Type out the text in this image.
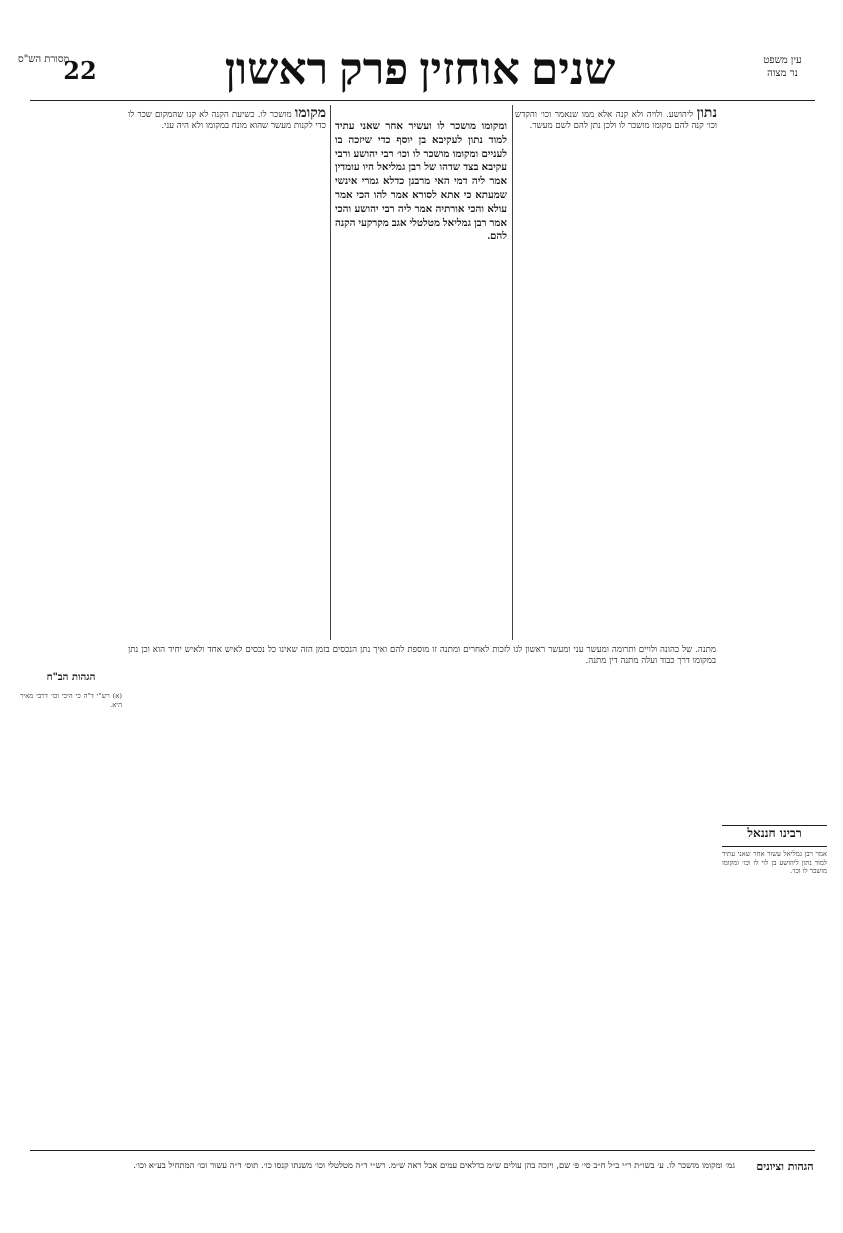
מסורת הש"ס	שנים אוחזין פרק ראשון
22	עין משפט
נר מצוה
רבינו חננאל
אמר רבן גמליאל עשור אחר שאני עתיד למוד נתון ליהושע בן לוי לו וכו׳ ומקומו מושכר לו וכו׳.

נתון ליהושע. ולויה ולא קנה אלא ממו שנאמר וכו׳ והקדש וכו׳ קנה להם מקומו מושכר לו ולכן נתן להם לשם מעשר.

ומקומו מושכר לו ועשיר אחר שאני עתיד למוד נתון לעקיבא בן יוסף כדי שיזכה בו לעניים ומקומו מושכר לו וכו׳ רבי יהושע ורבי עקיבא בצד שדהו של רבן גמליאל היו עומדין אמר ליה דמי האי מרבנן כדלא גמרי אינשי שמעתא כי אתא לסורא אמר להו הכי אמר עולא והכי אורתיה אמר ליה רבי יהושע והכי אמר רבן גמליאל מטלטלי אגב מקרקעי הקנה להם.

מקומו מושכר לו. כשיעת הקנה לא קנו שהמקום שכר לו כדי לקנות מעשר שהוא מונח במקומו ולא היה עני.

הגהות הב"ח
(א) רש"י ד"ה כי היכי וכו׳ דרבי מאיר היא.
מתנה. של כהונה ולויים ותרומה ומעשר עני ומעשר ראשון לנו לזכות לאחרים ומתנה זו מוספת להם ואיך נתן הנכסים בזמן הזה שאינו כל נכסים לאיש אחד ולאיש יחיד הוא וכן נתן במקומו דרך כבוד ועלה מתנה דין מתנה.
הגהות וציונים
גמ׳ ומקומו מושכר לו. ע׳ בשו״ת ר״י ב״ל ח״ב סי׳ פ׳ שם, ויזכה בהן עולים ש״מ בדלאים עמים אבל ראה ש״מ. רש״י ד״ה מטלטלי וכו׳ משנתו קנסו כו׳. תוס׳ ד״ה עשור וכו׳ המתחיל בע״א וכו׳.
